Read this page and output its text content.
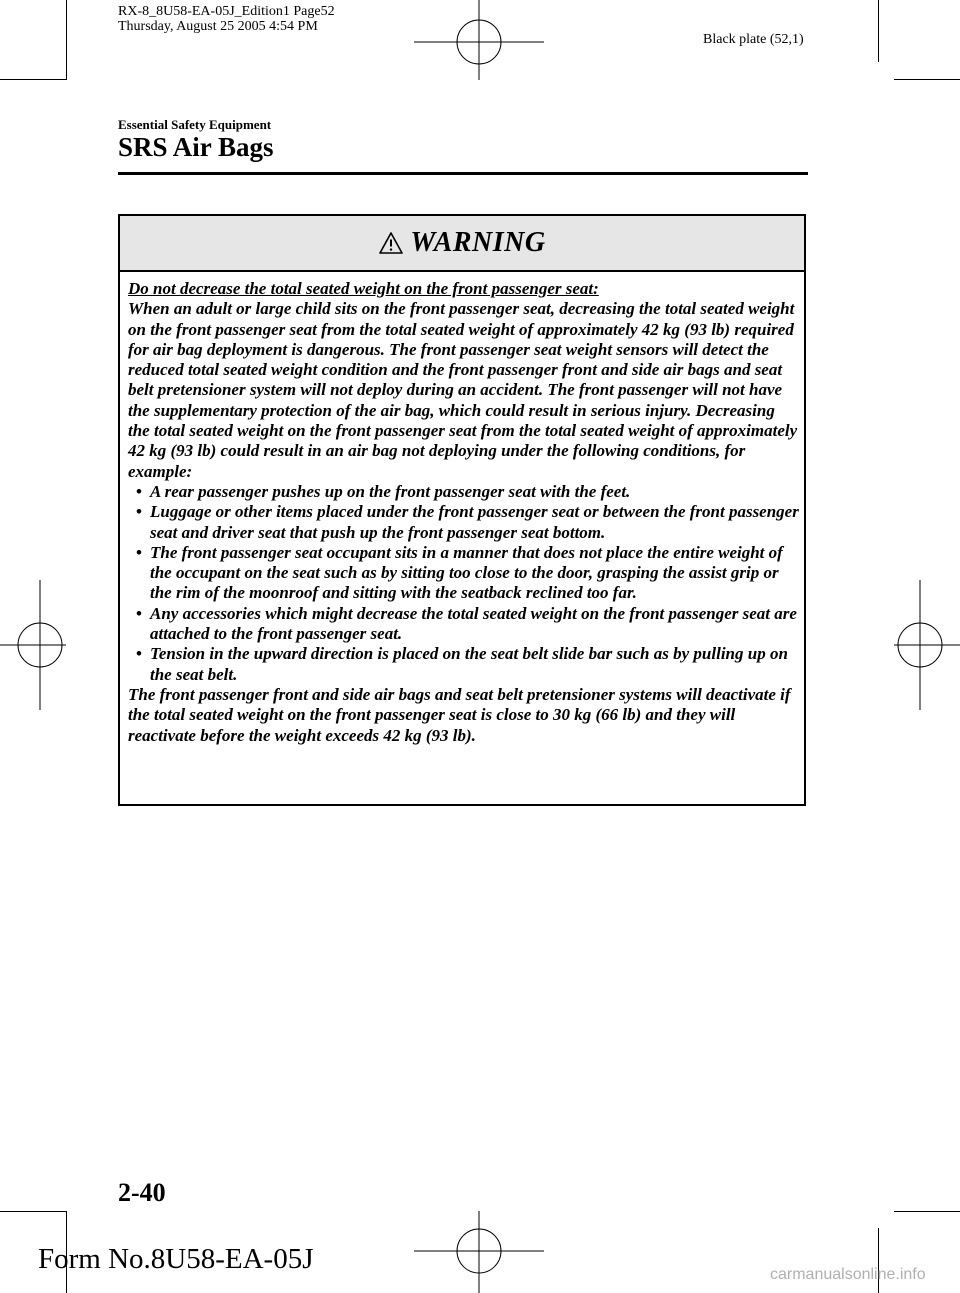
RX-8_8U58-EA-05J_Edition1 Page52
Thursday, August 25 2005 4:54 PM
Black plate (52,1)
Essential Safety Equipment
SRS Air Bags
WARNING

Do not decrease the total seated weight on the front passenger seat:

When an adult or large child sits on the front passenger seat, decreasing the total seated weight on the front passenger seat from the total seated weight of approximately 42 kg (93 lb) required for air bag deployment is dangerous. The front passenger seat weight sensors will detect the reduced total seated weight condition and the front passenger front and side air bags and seat belt pretensioner system will not deploy during an accident. The front passenger will not have the supplementary protection of the air bag, which could result in serious injury. Decreasing the total seated weight on the front passenger seat from the total seated weight of approximately 42 kg (93 lb) could result in an air bag not deploying under the following conditions, for example:

• A rear passenger pushes up on the front passenger seat with the feet.
• Luggage or other items placed under the front passenger seat or between the front passenger seat and driver seat that push up the front passenger seat bottom.
• The front passenger seat occupant sits in a manner that does not place the entire weight of the occupant on the seat such as by sitting too close to the door, grasping the assist grip or the rim of the moonroof and sitting with the seatback reclined too far.
• Any accessories which might decrease the total seated weight on the front passenger seat are attached to the front passenger seat.
• Tension in the upward direction is placed on the seat belt slide bar such as by pulling up on the seat belt.

The front passenger front and side air bags and seat belt pretensioner systems will deactivate if the total seated weight on the front passenger seat is close to 30 kg (66 lb) and they will reactivate before the weight exceeds 42 kg (93 lb).

2-40
Form No.8U58-EA-05J	carmanualsonline.info
